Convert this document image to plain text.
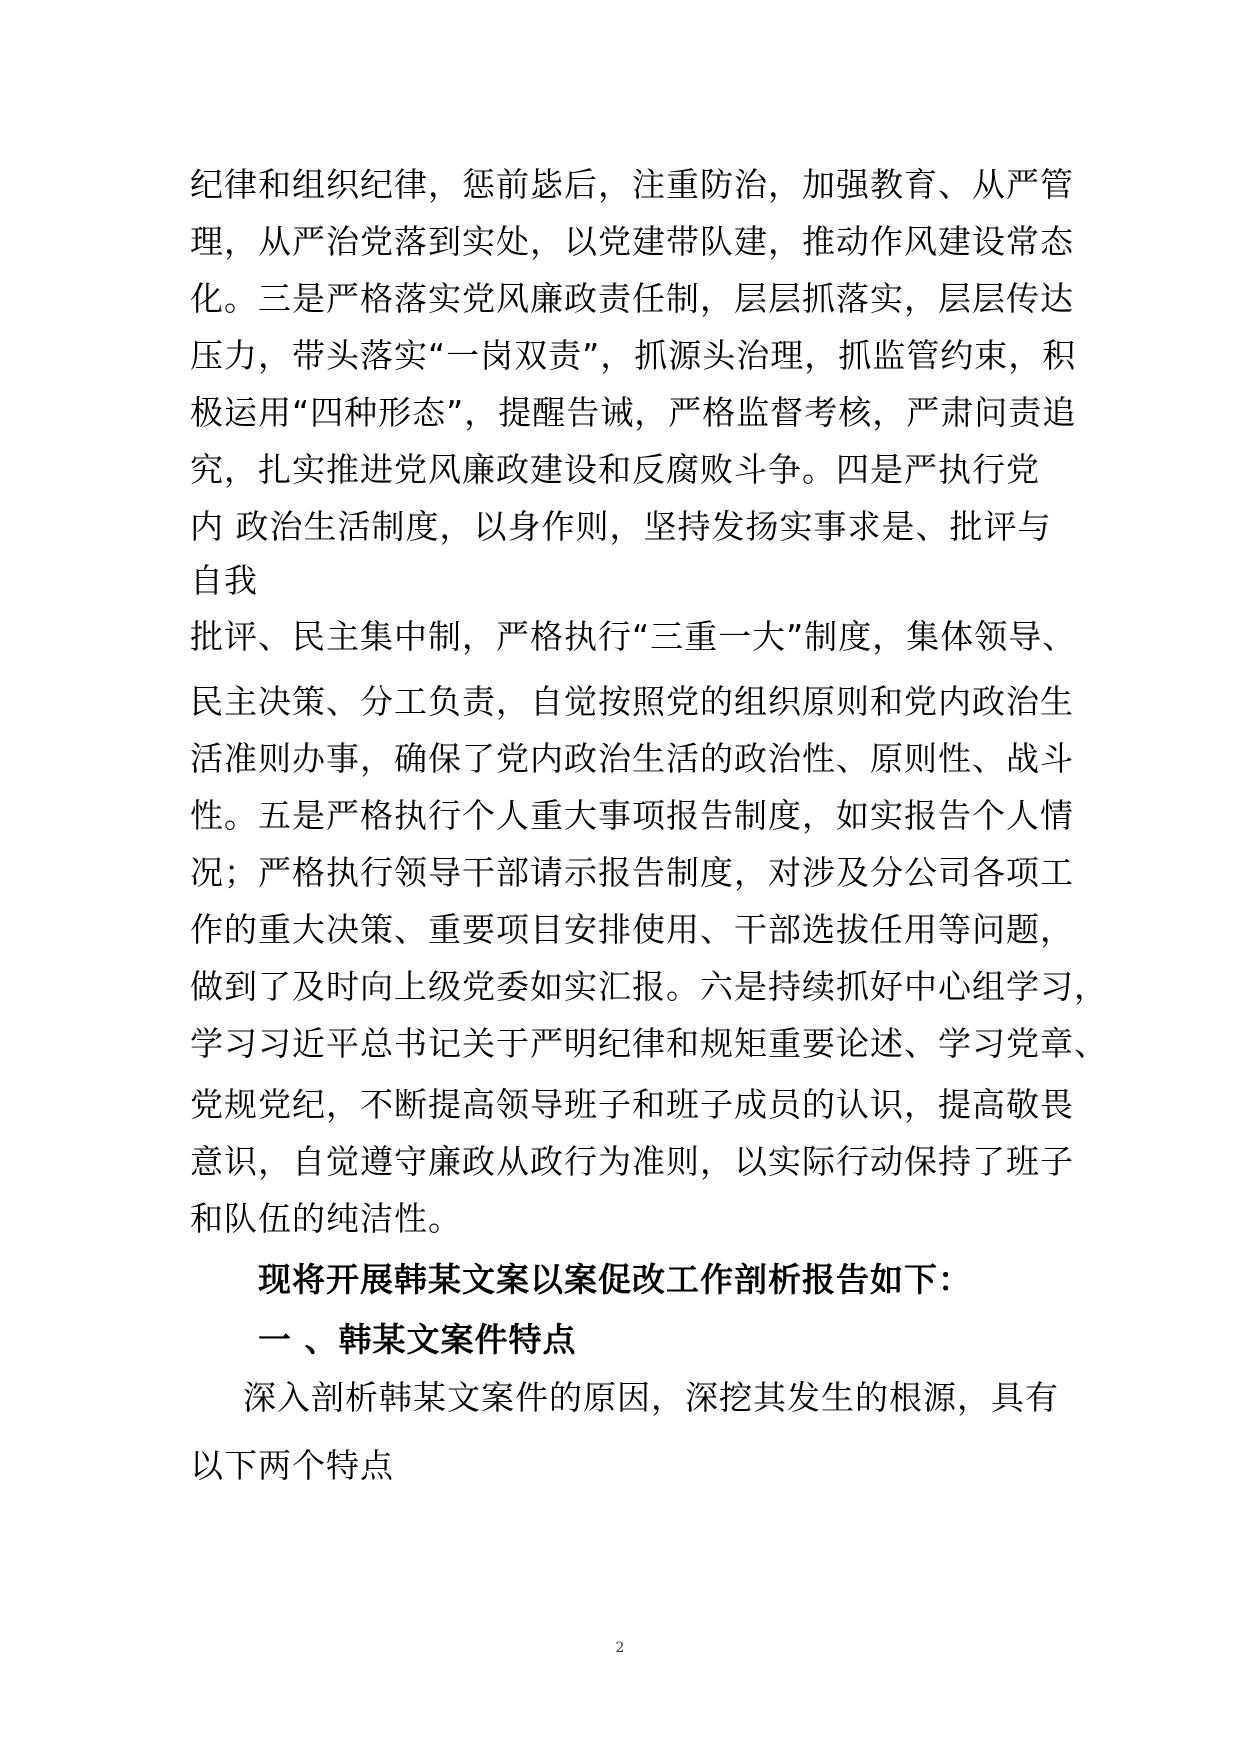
纪律和组织纪律，惩前毖后，注重防治，加强教育、从严管
理，从严治党落到实处，以党建带队建，推动作风建设常态
化。三是严格落实党风廉政责任制，层层抓落实，层层传达
压力，带头落实“一岗双责”，抓源头治理，抓监管约束，积
极运用“四种形态”，提醒告诫，严格监督考核，严肃问责追
究，扎实推进党风廉政建设和反腐败斗争。四是严执行党
内 政治生活制度，以身作则，坚持发扬实事求是、批评与
自我
批评、民主集中制，严格执行“三重一大”制度，集体领导、
民主决策、分工负责，自觉按照党的组织原则和党内政治生
活准则办事，确保了党内政治生活的政治性、原则性、战斗
性。五是严格执行个人重大事项报告制度，如实报告个人情
况；严格执行领导干部请示报告制度，对涉及分公司各项工
作的重大决策、重要项目安排使用、干部选拔任用等问题，
做到了及时向上级党委如实汇报。六是持续抓好中心组学习，
学习习近平总书记关于严明纪律和规矩重要论述、学习党章、
党规党纪，不断提高领导班子和班子成员的认识，提高敬畏
意识，自觉遵守廉政从政行为准则，以实际行动保持了班子
和队伍的纯洁性。
现将开展韩某文案以案促改工作剖析报告如下：
一 、韩某文案件特点
深入剖析韩某文案件的原因，深挖其发生的根源，具有
以下两个特点
2
